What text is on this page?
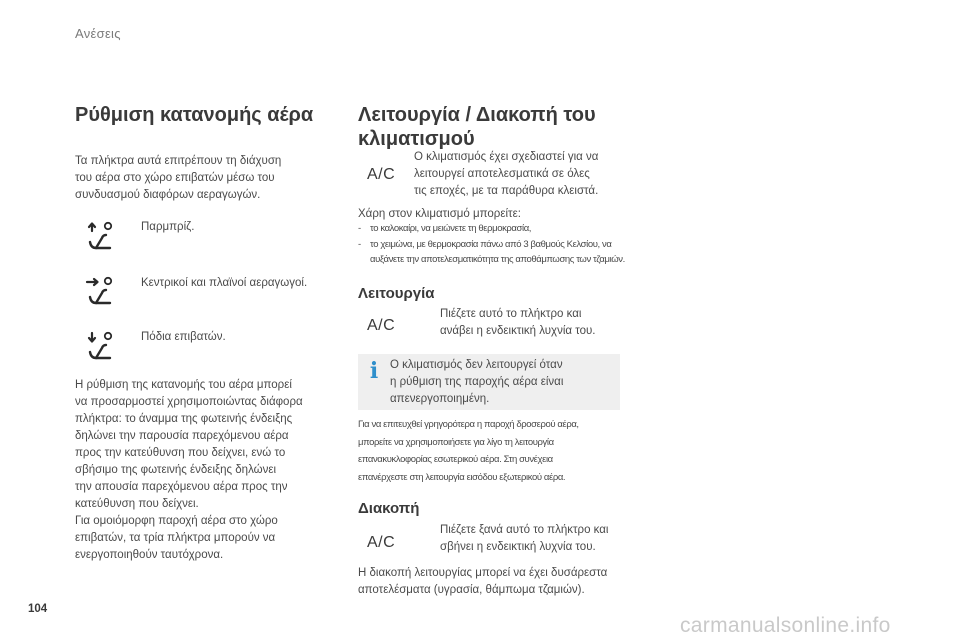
Ανέσεις
Ρύθμιση κατανομής αέρα
Τα πλήκτρα αυτά επιτρέπουν τη διάχυση
του αέρα στο χώρο επιβατών μέσω του
συνδυασμού διαφόρων αεραγωγών.
Παρμπρίζ.
Κεντρικοί και πλαϊνοί αεραγωγοί.
Πόδια επιβατών.
Η ρύθμιση της κατανομής του αέρα μπορεί
να προσαρμοστεί χρησιμοποιώντας διάφορα
πλήκτρα: το άναμμα της φωτεινής ένδειξης
δηλώνει την παρουσία παρεχόμενου αέρα
προς την κατεύθυνση που δείχνει, ενώ το
σβήσιμο της φωτεινής ένδειξης δηλώνει
την απουσία παρεχόμενου αέρα προς την
κατεύθυνση που δείχνει.
Για ομοιόμορφη παροχή αέρα στο χώρο
επιβατών, τα τρία πλήκτρα μπορούν να
ενεργοποιηθούν ταυτόχρονα.
Λειτουργία / Διακοπή του
κλιματισμού
A/C
Ο κλιματισμός έχει σχεδιαστεί για να
λειτουργεί αποτελεσματικά σε όλες
τις εποχές, με τα παράθυρα κλειστά.
Χάρη στον κλιματισμό μπορείτε:
- το καλοκαίρι, να μειώνετε τη θερμοκρασία,
- το χειμώνα, με θερμοκρασία πάνω από 3 βαθμούς Κελσίου, να
αυξάνετε την αποτελεσματικότητα της αποθάμπωσης των τζαμιών.
Λειτουργία
A/C
Πιέζετε αυτό το πλήκτρο και
ανάβει η ενδεικτική λυχνία του.
i Ο κλιματισμός δεν λειτουργεί όταν
η ρύθμιση της παροχής αέρα είναι
απενεργοποιημένη.
Για να επιτευχθεί γρηγορότερα η παροχή δροσερού αέρα,
μπορείτε να χρησιμοποιήσετε για λίγο τη λειτουργία
επανακυκλοφορίας εσωτερικού αέρα. Στη συνέχεια
επανέρχεστε στη λειτουργία εισόδου εξωτερικού αέρα.
Διακοπή
A/C
Πιέζετε ξανά αυτό το πλήκτρο και
σβήνει η ενδεικτική λυχνία του.
Η διακοπή λειτουργίας μπορεί να έχει δυσάρεστα
αποτελέσματα (υγρασία, θάμπωμα τζαμιών).
104
carmanualsonline.info
